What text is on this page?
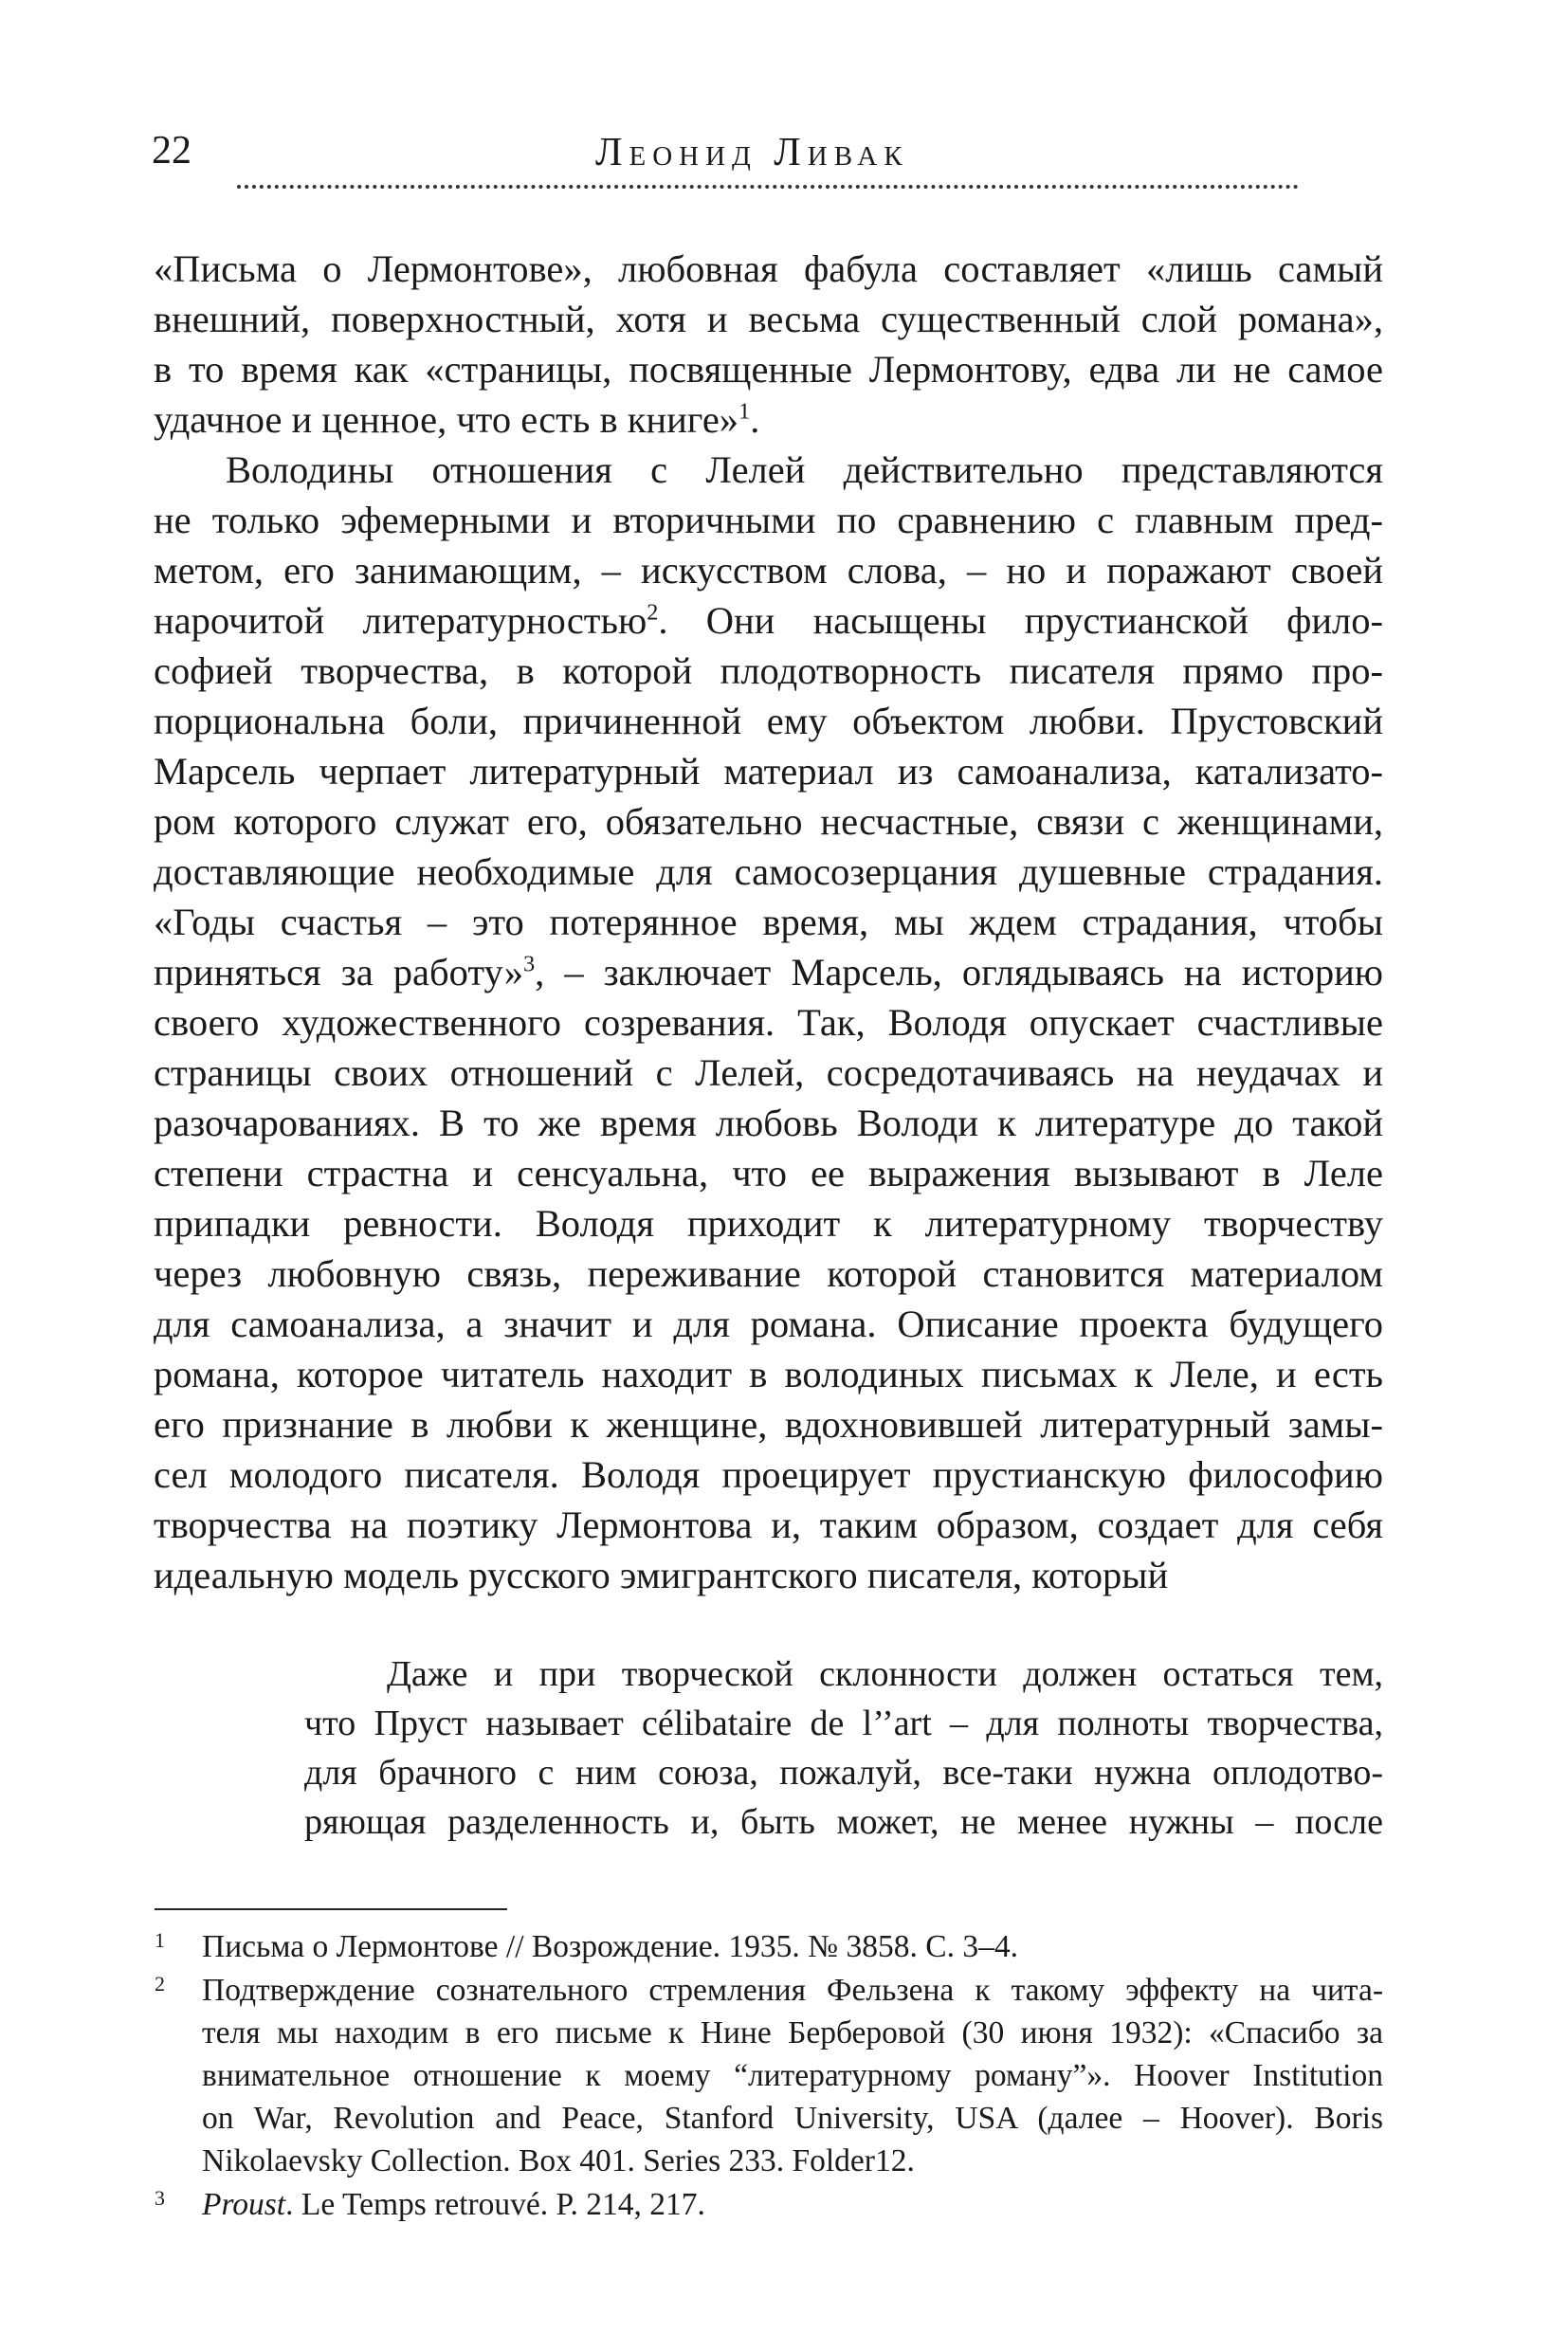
22	Леонид Ливак
«Письма о Лермонтове», любовная фабула составляет «лишь самый
внешний, поверхностный, хотя и весьма существенный слой романа»,
в то время как «страницы, посвященные Лермонтову, едва ли не самое
удачное и ценное, что есть в книге»$^1$.
Володины отношения с Лелей действительно представляются
не только эфемерными и вторичными по сравнению с главным пред-
метом, его занимающим, – искусством слова, – но и поражают своей
нарочитой литературностью$^2$. Они насыщены прустианской фило-
софией творчества, в которой плодотворность писателя прямо про-
порциональна боли, причиненной ему объектом любви. Прустовский
Марсель черпает литературный материал из самоанализа, катализато-
ром которого служат его, обязательно несчастные, связи с женщинами,
доставляющие необходимые для самосозерцания душевные страдания.
«Годы счастья – это потерянное время, мы ждем страдания, чтобы
приняться за работу»$^3$, – заключает Марсель, оглядываясь на историю
своего художественного созревания. Так, Володя опускает счастливые
страницы своих отношений с Лелей, сосредотачиваясь на неудачах и
разочарованиях. В то же время любовь Володи к литературе до такой
степени страстна и сенсуальна, что ее выражения вызывают в Леле
припадки ревности. Володя приходит к литературному творчеству
через любовную связь, переживание которой становится материалом
для самоанализа, а значит и для романа. Описание проекта будущего
романа, которое читатель находит в володиных письмах к Леле, и есть
его признание в любви к женщине, вдохновившей литературный замы-
сел молодого писателя. Володя проецирует прустианскую философию
творчества на поэтику Лермонтова и, таким образом, создает для себя
идеальную модель русского эмигрантского писателя, который
Даже и при творческой склонности должен остаться тем,
что Пруст называет célibataire de l’’art – для полноты творчества,
для брачного с ним союза, пожалуй, все-таки нужна оплодотво-
ряющая разделенность и, быть может, не менее нужны – после
1 Письма о Лермонтове // Возрождение. 1935. № 3858. С. 3–4.
2 Подтверждение сознательного стремления Фельзена к такому эффекту на чита-
теля мы находим в его письме к Нине Берберовой (30 июня 1932): «Спасибо за
внимательное отношение к моему “литературному роману”». Hoover Institution
on War, Revolution and Peace, Stanford University, USA (далее – Hoover). Boris
Nikolaevsky Collection. Box 401. Series 233. Folder12.
3 Proust. Le Temps retrouvé. P. 214, 217.
